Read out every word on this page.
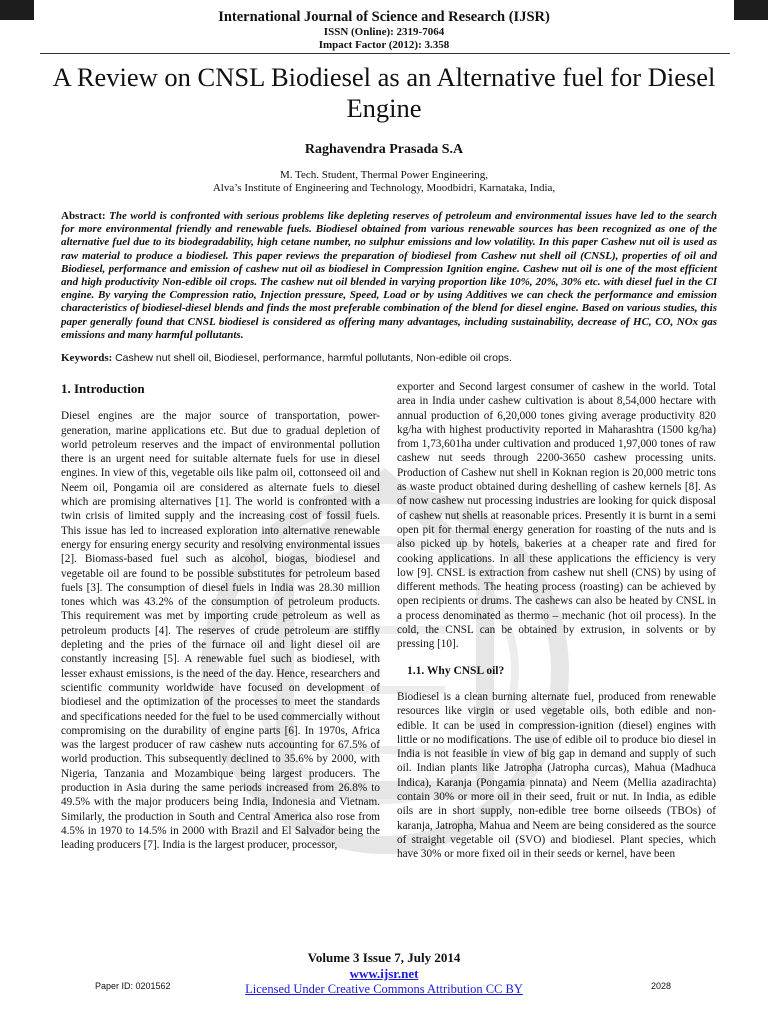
International Journal of Science and Research (IJSR)
ISSN (Online): 2319-7064
Impact Factor (2012): 3.358
A Review on CNSL Biodiesel as an Alternative fuel for Diesel Engine
Raghavendra Prasada S.A
M. Tech. Student, Thermal Power Engineering,
Alva’s Institute of Engineering and Technology, Moodbidri, Karnataka, India,
Abstract: The world is confronted with serious problems like depleting reserves of petroleum and environmental issues have led to the search for more environmental friendly and renewable fuels. Biodiesel obtained from various renewable sources has been recognized as one of the alternative fuel due to its biodegradability, high cetane number, no sulphur emissions and low volatility. In this paper Cashew nut oil is used as raw material to produce a biodiesel. This paper reviews the preparation of biodiesel from Cashew nut shell oil (CNSL), properties of oil and Biodiesel, performance and emission of cashew nut oil as biodiesel in Compression Ignition engine. Cashew nut oil is one of the most efficient and high productivity Non-edible oil crops. The cashew nut oil blended in varying proportion like 10%, 20%, 30% etc. with diesel fuel in the CI engine. By varying the Compression ratio, Injection pressure, Speed, Load or by using Additives we can check the performance and emission characteristics of biodiesel-diesel blends and finds the most preferable combination of the blend for diesel engine. Based on various studies, this paper generally found that CNSL biodiesel is considered as offering many advantages, including sustainability, decrease of HC, CO, NOx gas emissions and many harmful pollutants.
Keywords: Cashew nut shell oil, Biodiesel, performance, harmful pollutants, Non-edible oil crops.
1. Introduction

Diesel engines are the major source of transportation, power-generation, marine applications etc. But due to gradual depletion of world petroleum reserves and the impact of environmental pollution there is an urgent need for suitable alternate fuels for use in diesel engines. In view of this, vegetable oils like palm oil, cottonseed oil and Neem oil, Pongamia oil are considered as alternate fuels to diesel which are promising alternatives [1]. The world is confronted with a twin crisis of limited supply and the increasing cost of fossil fuels. This issue has led to increased exploration into alternative renewable energy for ensuring energy security and resolving environmental issues [2]. Biomass-based fuel such as alcohol, biogas, biodiesel and vegetable oil are found to be possible substitutes for petroleum based fuels [3]. The consumption of diesel fuels in India was 28.30 million tones which was 43.2% of the consumption of petroleum products. This requirement was met by importing crude petroleum as well as petroleum products [4]. The reserves of crude petroleum are stiffly depleting and the pries of the furnace oil and light diesel oil are constantly increasing [5]. A renewable fuel such as biodiesel, with lesser exhaust emissions, is the need of the day. Hence, researchers and scientific community worldwide have focused on development of biodiesel and the optimization of the processes to meet the standards and specifications needed for the fuel to be used commercially without compromising on the durability of engine parts [6]. In 1970s, Africa was the largest producer of raw cashew nuts accounting for 67.5% of world production. This subsequently declined to 35.6% by 2000, with Nigeria, Tanzania and Mozambique being largest producers. The production in Asia during the same periods increased from 26.8% to 49.5% with the major producers being India, Indonesia and Vietnam. Similarly, the production in South and Central America also rose from 4.5% in 1970 to 14.5% in 2000 with Brazil and El Salvador being the leading producers [7]. India is the largest producer, processor,

exporter and Second largest consumer of cashew in the world. Total area in India under cashew cultivation is about 8,54,000 hectare with annual production of 6,20,000 tones giving average productivity 820 kg/ha with highest productivity reported in Maharashtra (1500 kg/ha) from 1,73,601ha under cultivation and produced 1,97,000 tones of raw cashew nut seeds through 2200-3650 cashew processing units. Production of Cashew nut shell in Koknan region is 20,000 metric tons as waste product obtained during deshelling of cashew kernels [8]. As of now cashew nut processing industries are looking for quick disposal of cashew nut shells at reasonable prices. Presently it is burnt in a semi open pit for thermal energy generation for roasting of the nuts and is also picked up by hotels, bakeries at a cheaper rate and fired for cooking applications. In all these applications the efficiency is very low [9]. CNSL is extraction from cashew nut shell (CNS) by using of different methods. The heating process (roasting) can be achieved by open recipients or drums. The cashews can also be heated by CNSL in a process denominated as thermo – mechanic (hot oil process). In the cold, the CNSL can be obtained by extrusion, in solvents or by pressing [10].

1.1. Why CNSL oil?

Biodiesel is a clean burning alternate fuel, produced from renewable resources like virgin or used vegetable oils, both edible and non-edible. It can be used in compression-ignition (diesel) engines with little or no modifications. The use of edible oil to produce bio diesel in India is not feasible in view of big gap in demand and supply of such oil. Indian plants like Jatropha (Jatropha curcas), Mahua (Madhuca Indica), Karanja (Pongamia pinnata) and Neem (Mellia azadirachta) contain 30% or more oil in their seed, fruit or nut. In India, as edible oils are in short supply, non-edible tree borne oilseeds (TBOs) of karanja, Jatropha, Mahua and Neem are being considered as the source of straight vegetable oil (SVO) and biodiesel. Plant species, which have 30% or more fixed oil in their seeds or kernel, have been

Volume 3 Issue 7, July 2014
www.ijsr.net
Licensed Under Creative Commons Attribution CC BY
Paper ID: 0201562	2028
